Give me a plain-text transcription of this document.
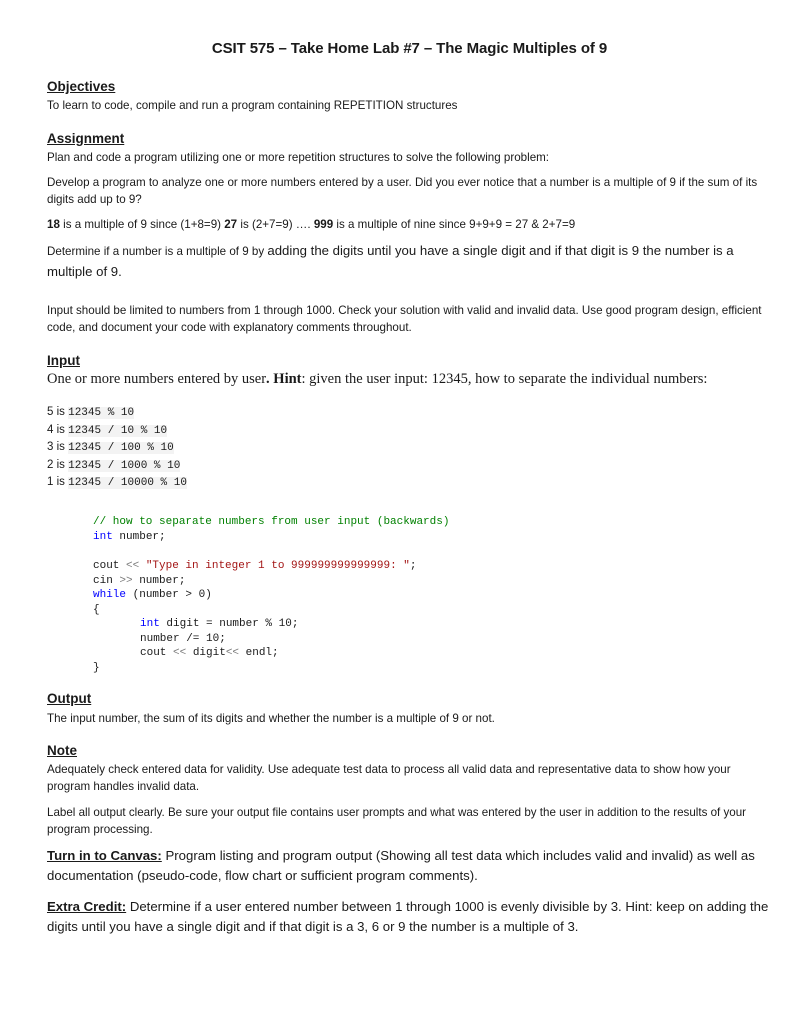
CSIT 575 – Take Home Lab #7 – The Magic Multiples of 9
Objectives
To learn to code, compile and run a program containing REPETITION structures
Assignment
Plan and code a program utilizing one or more repetition structures to solve the following problem:
Develop a program to analyze one or more numbers entered by a user. Did you ever notice that a number is a multiple of 9 if the sum of its digits add up to 9?
18 is a multiple of 9 since (1+8=9) 27 is (2+7=9) …. 999 is a multiple of nine since 9+9+9 = 27 & 2+7=9
Determine if a number is a multiple of 9 by adding the digits until you have a single digit and if that digit is 9 the number is a multiple of 9.
Input should be limited to numbers from 1 through 1000. Check your solution with valid and invalid data. Use good program design, efficient code, and document your code with explanatory comments throughout.
Input
One or more numbers entered by user. Hint: given the user input: 12345, how to separate the individual numbers:
5 is 12345 % 10
4 is 12345 / 10 % 10
3 is 12345 / 100 % 10
2 is 12345 / 1000 % 10
1 is 12345 / 10000 % 10
// how to separate numbers from user input (backwards)
int number;
cout << "Type in integer 1 to 999999999999999: ";
cin >> number;
while (number > 0)
{
int digit = number % 10;
number /= 10;
cout << digit<< endl;
}
Output
The input number, the sum of its digits and whether the number is a multiple of 9 or not.
Note
Adequately check entered data for validity. Use adequate test data to process all valid data and representative data to show how your program handles invalid data.
Label all output clearly. Be sure your output file contains user prompts and what was entered by the user in addition to the results of your program processing.
Turn in to Canvas: Program listing and program output (Showing all test data which includes valid and invalid) as well as documentation (pseudo-code, flow chart or sufficient program comments).
Extra Credit: Determine if a user entered number between 1 through 1000 is evenly divisible by 3. Hint: keep on adding the digits until you have a single digit and if that digit is a 3, 6 or 9 the number is a multiple of 3.
